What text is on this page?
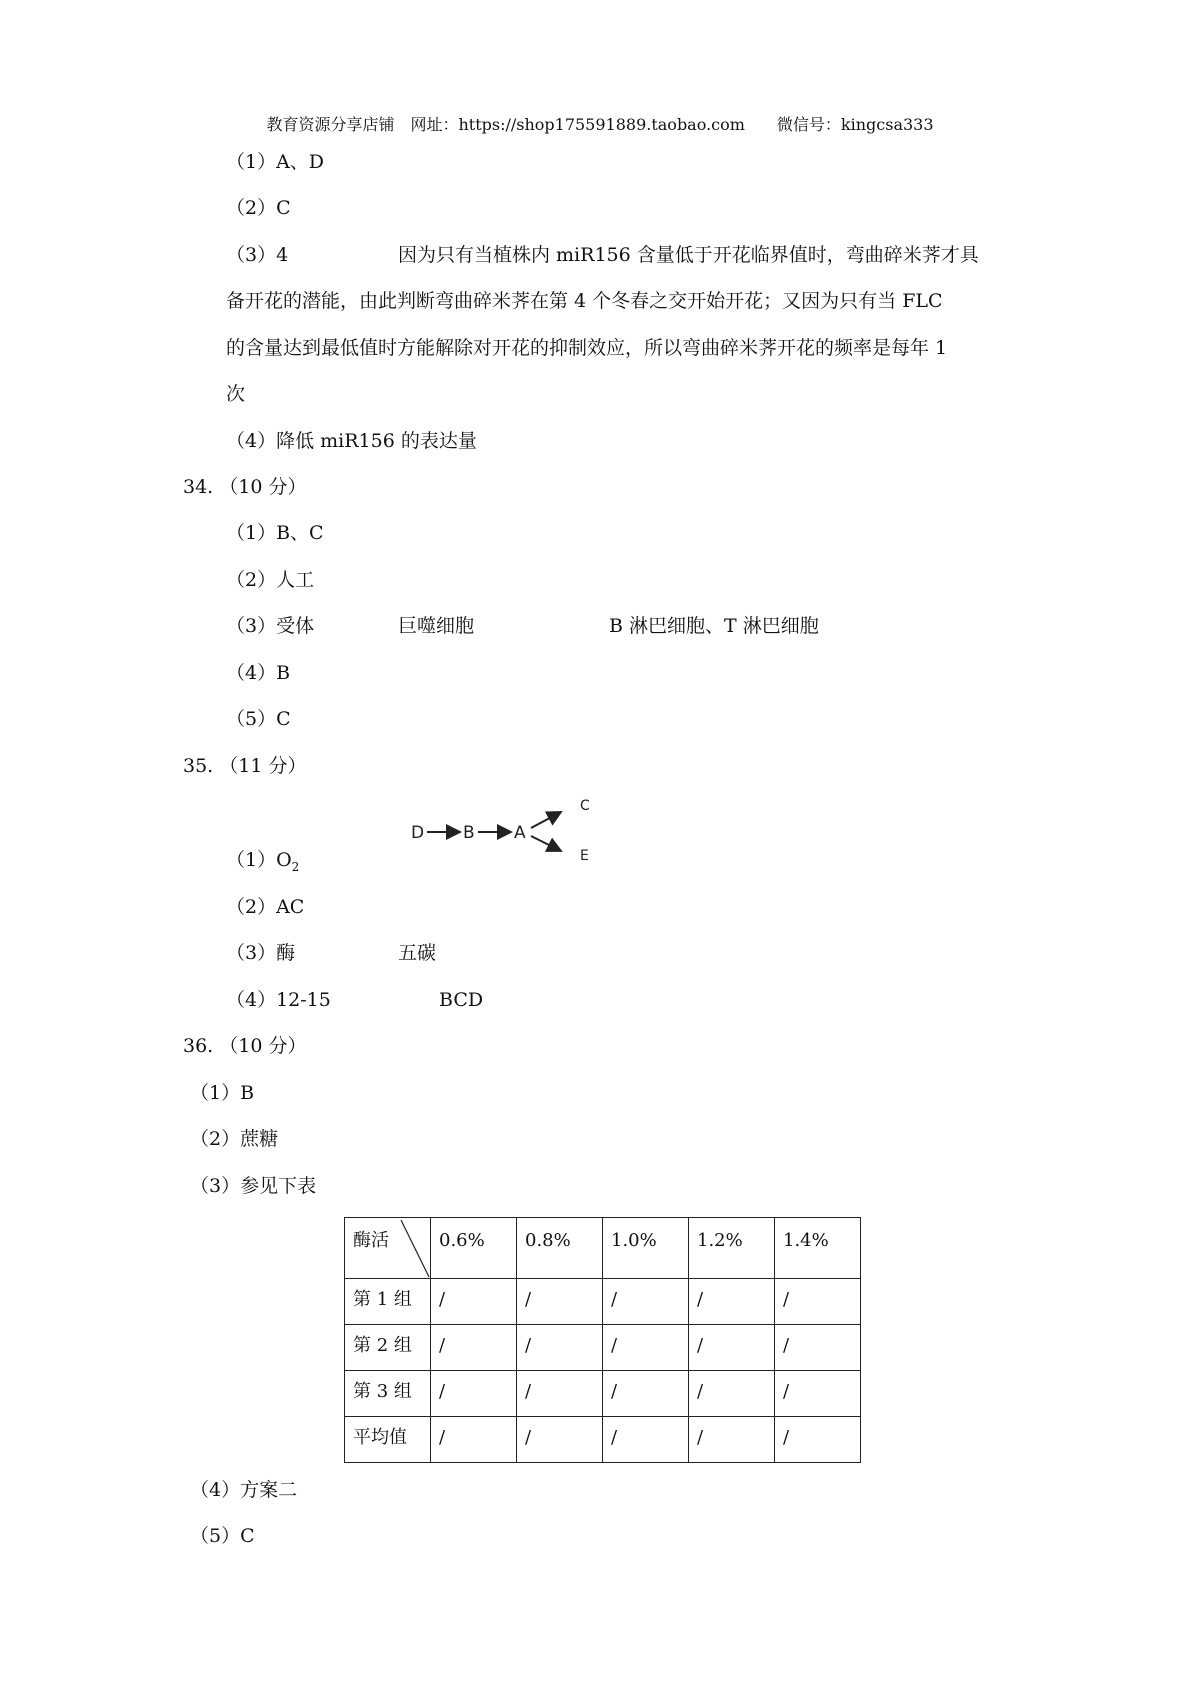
教育资源分享店铺　网址：https://shop175591889.taobao.com　　微信号：kingcsa333
（1）A、D
（2）C
（3）4	因为只有当植株内 miR156 含量低于开花临界值时，弯曲碎米荠才具
备开花的潜能，由此判断弯曲碎米荠在第 4 个冬春之交开始开花；又因为只有当 FLC
的含量达到最低值时方能解除对开花的抑制效应，所以弯曲碎米荠开花的频率是每年 1
次
（4）降低 miR156 的表达量
34. （10 分）
（1）B、C
（2）人工
（3）受体	巨噬细胞	B 淋巴细胞、T 淋巴细胞
（4）B
（5）C
35. （11 分）
D B A
C
E
$(1)O_2$
（2）AC
（3）酶	五碳
（4）12-15	BCD
36. （10 分）
（1）B
（2）蔗糖
（3）参见下表
酶活	0.6%	0.8%	1.0%	1.2%	1.4%
第 1 组	/	/	/	/	/
第 2 组	/	/	/	/	/
第 3 组	/	/	/	/	/
平均值	/	/	/	/	/
（4）方案二
（5）C
